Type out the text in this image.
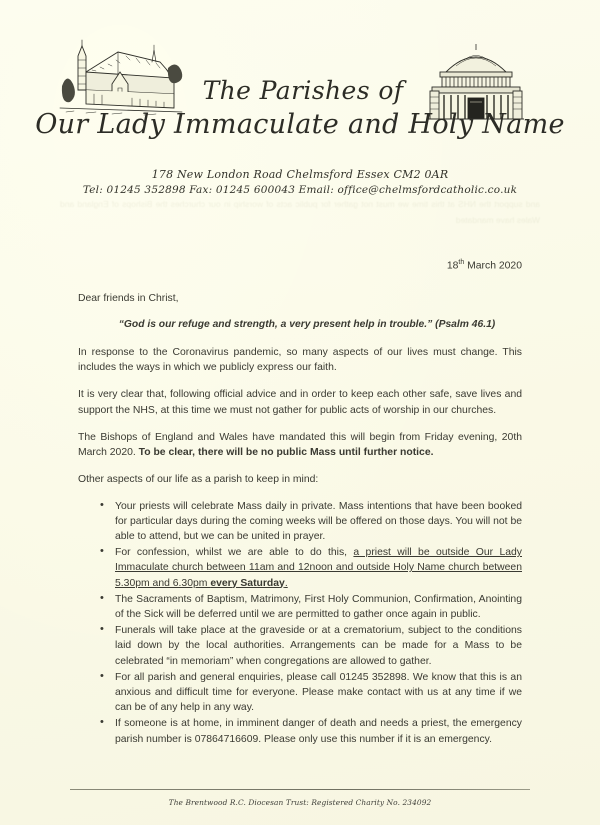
and support the NHS at this time we must not gather for public acts of worship in our churches the Bishops of England and Wales have mandated
The Parishes of
Our Lady Immaculate and Holy Name
178 New London Road Chelmsford Essex CM2 0AR
Tel: 01245 352898 Fax: 01245 600043 Email: office@chelmsfordcatholic.co.uk
18th March 2020
Dear friends in Christ,
“God is our refuge and strength, a very present help in trouble.” (Psalm 46.1)

In response to the Coronavirus pandemic, so many aspects of our lives must change. This includes the ways in which we publicly express our faith.

It is very clear that, following official advice and in order to keep each other safe, save lives and support the NHS, at this time we must not gather for public acts of worship in our churches.

The Bishops of England and Wales have mandated this will begin from Friday evening, 20th March 2020. To be clear, there will be no public Mass until further notice.

Other aspects of our life as a parish to keep in mind:

• Your priests will celebrate Mass daily in private. Mass intentions that have been booked for particular days during the coming weeks will be offered on those days. You will not be able to attend, but we can be united in prayer.
• For confession, whilst we are able to do this, a priest will be outside Our Lady Immaculate church between 11am and 12noon and outside Holy Name church between 5.30pm and 6.30pm every Saturday.
• The Sacraments of Baptism, Matrimony, First Holy Communion, Confirmation, Anointing of the Sick will be deferred until we are permitted to gather once again in public.
• Funerals will take place at the graveside or at a crematorium, subject to the conditions laid down by the local authorities. Arrangements can be made for a Mass to be celebrated “in memoriam” when congregations are allowed to gather.
• For all parish and general enquiries, please call 01245 352898. We know that this is an anxious and difficult time for everyone. Please make contact with us at any time if we can be of any help in any way.
• If someone is at home, in imminent danger of death and needs a priest, the emergency parish number is 07864716609. Please only use this number if it is an emergency.
The Brentwood R.C. Diocesan Trust: Registered Charity No. 234092
